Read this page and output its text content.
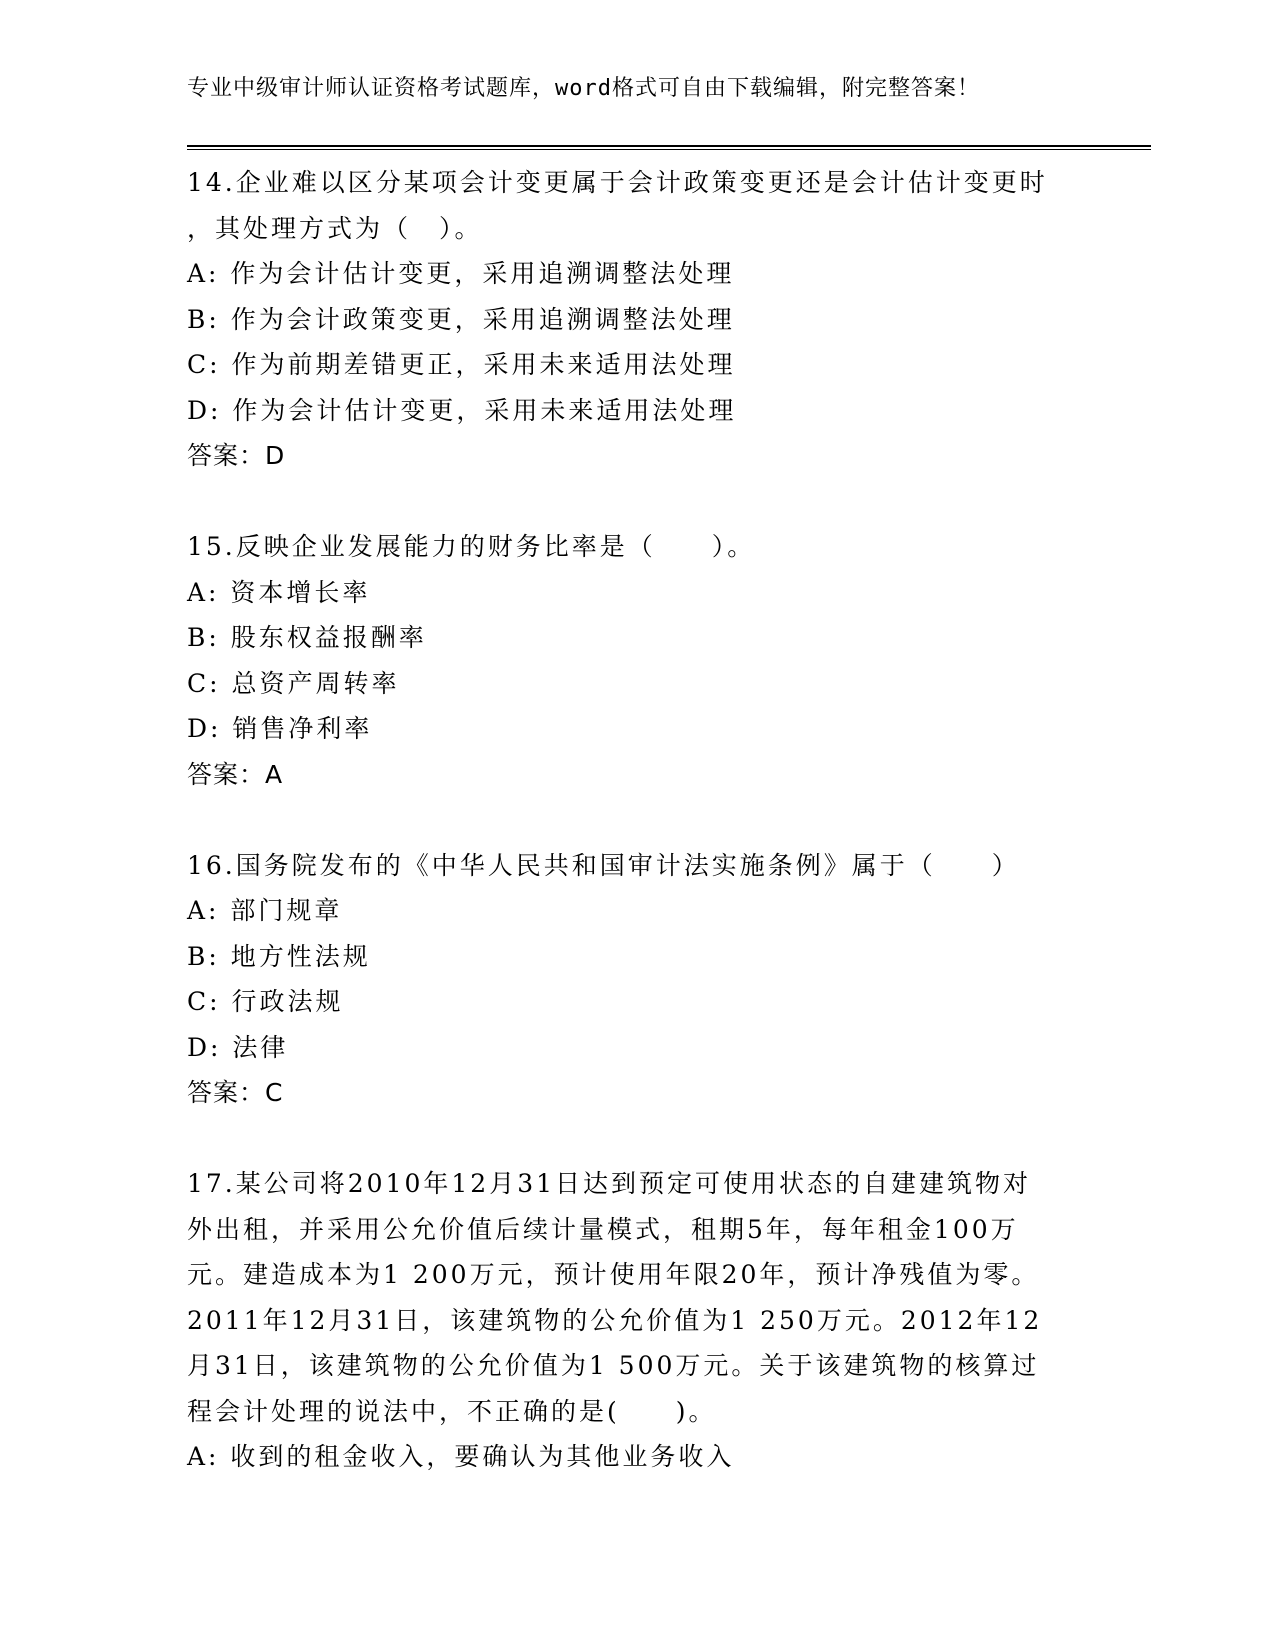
专业中级审计师认证资格考试题库，word格式可自由下载编辑，附完整答案！
14.企业难以区分某项会计变更属于会计政策变更还是会计估计变更时
，其处理方式为（　）。
A: 作为会计估计变更，采用追溯调整法处理
B: 作为会计政策变更，采用追溯调整法处理
C: 作为前期差错更正，采用未来适用法处理
D: 作为会计估计变更，采用未来适用法处理
答案：D
15.反映企业发展能力的财务比率是（　　）。
A: 资本增长率
B: 股东权益报酬率
C: 总资产周转率
D: 销售净利率
答案：A
16.国务院发布的《中华人民共和国审计法实施条例》属于（　　）
A: 部门规章
B: 地方性法规
C: 行政法规
D: 法律
答案：C
17.某公司将2010年12月31日达到预定可使用状态的自建建筑物对
外出租，并采用公允价值后续计量模式，租期5年，每年租金100万
元。建造成本为1 200万元，预计使用年限20年，预计净残值为零。
2011年12月31日，该建筑物的公允价值为1 250万元。2012年12
月31日，该建筑物的公允价值为1 500万元。关于该建筑物的核算过
程会计处理的说法中，不正确的是(　　)。
A: 收到的租金收入，要确认为其他业务收入
